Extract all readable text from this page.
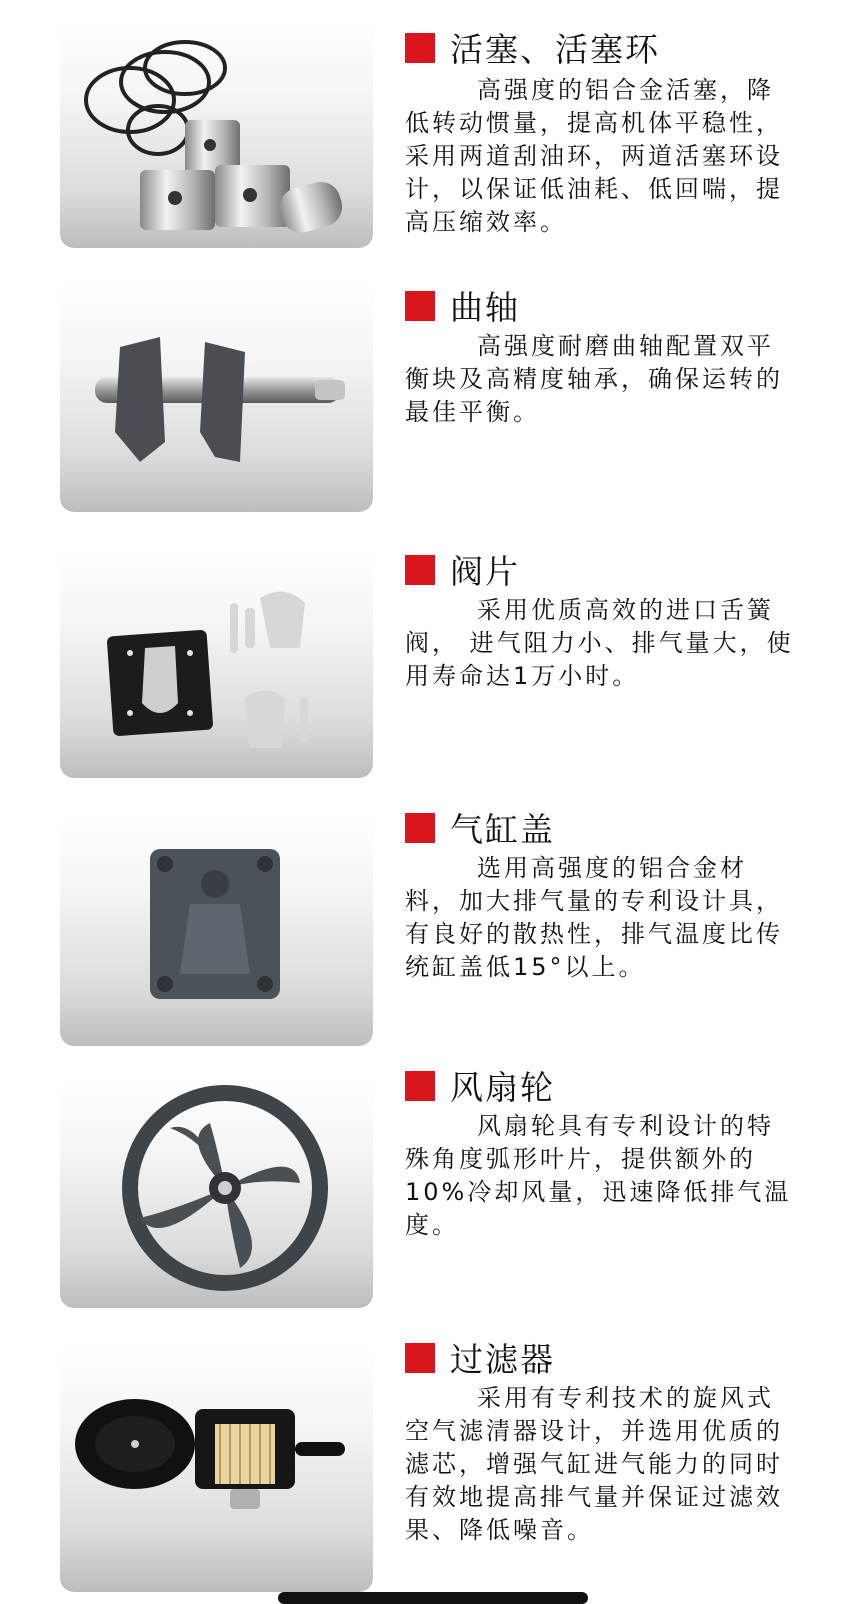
活塞、活塞环
高强度的铝合金活塞，降低转动惯量，提高机体平稳性，采用两道刮油环，两道活塞环设计，以保证低油耗、低回喘，提高压缩效率。
曲轴
高强度耐磨曲轴配置双平衡块及高精度轴承，确保运转的最佳平衡。
阀片
采用优质高效的进口舌簧阀， 进气阻力小、排气量大，使用寿命达1万小时。
气缸盖
选用高强度的铝合金材料，加大排气量的专利设计具，有良好的散热性，排气温度比传统缸盖低15°以上。
风扇轮
风扇轮具有专利设计的特殊角度弧形叶片，提供额外的10%冷却风量，迅速降低排气温度。
过滤器
采用有专利技术的旋风式空气滤清器设计，并选用优质的滤芯，增强气缸进气能力的同时有效地提高排气量并保证过滤效果、降低噪音。
